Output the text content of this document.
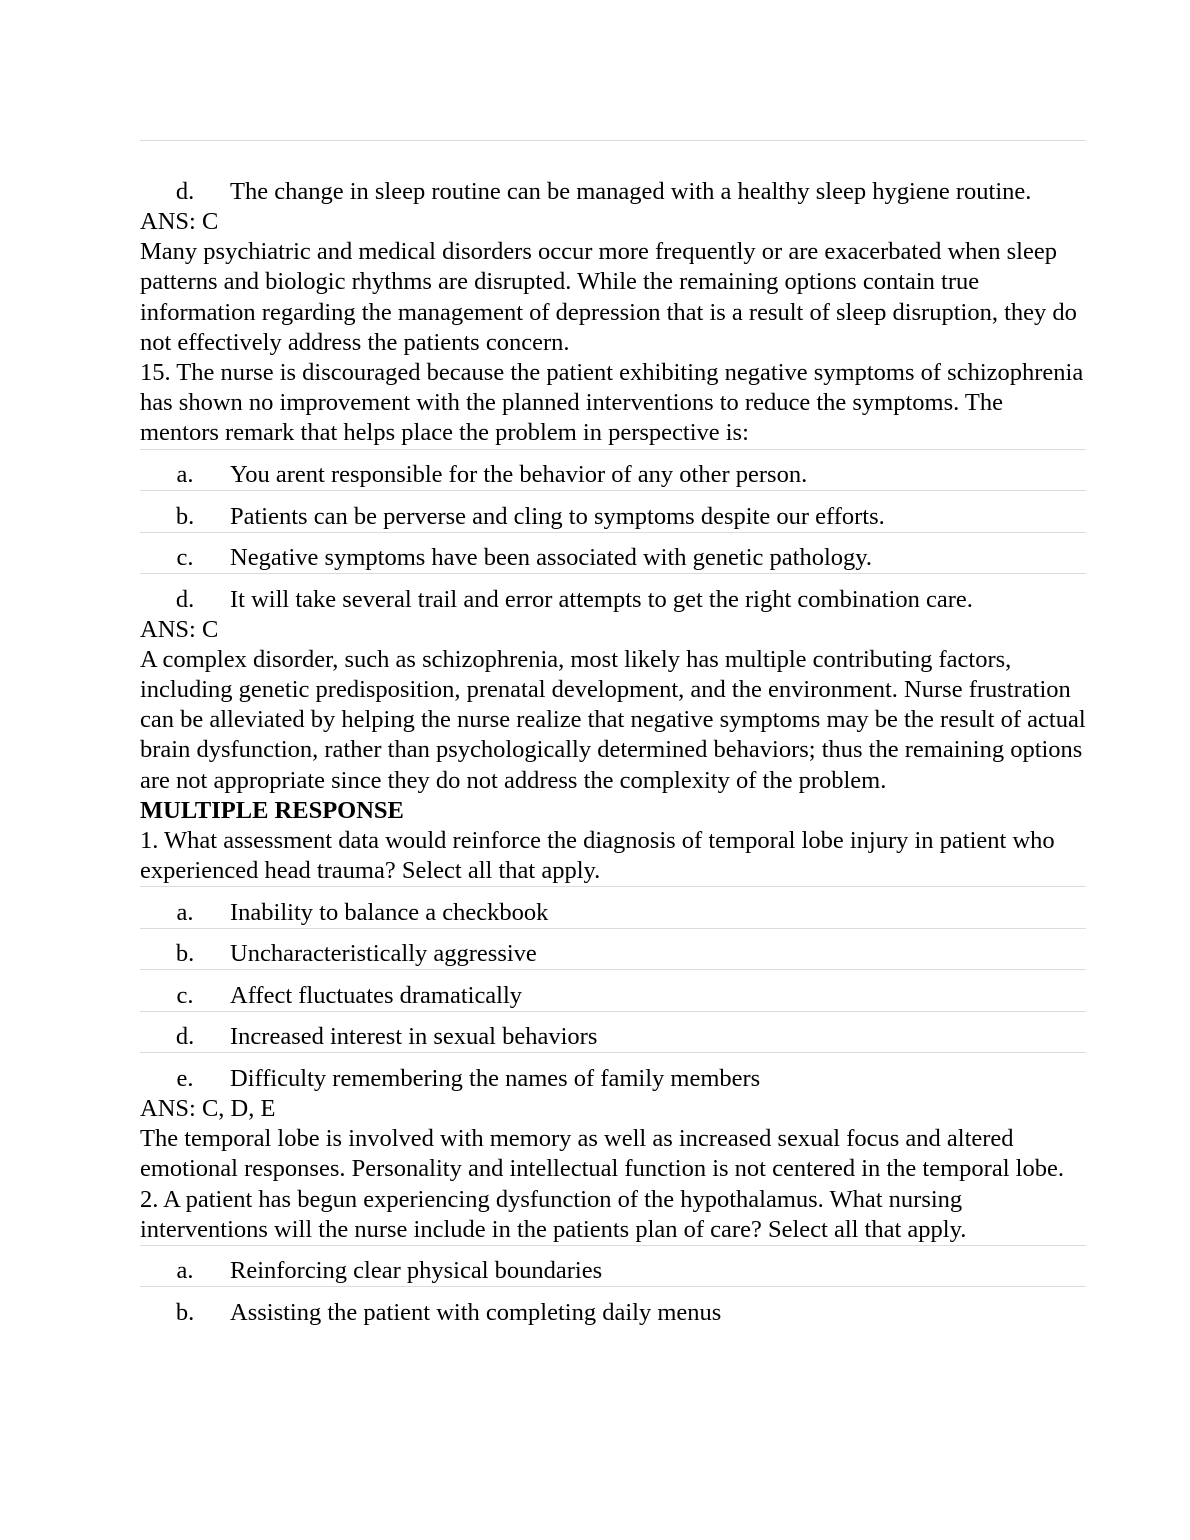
d.	The change in sleep routine can be managed with a healthy sleep hygiene routine.

ANS: C

Many psychiatric and medical disorders occur more frequently or are exacerbated when sleep patterns and biologic rhythms are disrupted. While the remaining options contain true information regarding the management of depression that is a result of sleep disruption, they do not effectively address the patients concern.

15. The nurse is discouraged because the patient exhibiting negative symptoms of schizophrenia has shown no improvement with the planned interventions to reduce the symptoms. The mentors remark that helps place the problem in perspective is:

a.	You arent responsible for the behavior of any other person.
b.	Patients can be perverse and cling to symptoms despite our efforts.
c.	Negative symptoms have been associated with genetic pathology.
d.	It will take several trail and error attempts to get the right combination care.

ANS: C

A complex disorder, such as schizophrenia, most likely has multiple contributing factors, including genetic predisposition, prenatal development, and the environment. Nurse frustration can be alleviated by helping the nurse realize that negative symptoms may be the result of actual brain dysfunction, rather than psychologically determined behaviors; thus the remaining options are not appropriate since they do not address the complexity of the problem.

MULTIPLE RESPONSE

1. What assessment data would reinforce the diagnosis of temporal lobe injury in patient who experienced head trauma? Select all that apply.

a.	Inability to balance a checkbook
b.	Uncharacteristically aggressive
c.	Affect fluctuates dramatically
d.	Increased interest in sexual behaviors
e.	Difficulty remembering the names of family members

ANS: C, D, E

The temporal lobe is involved with memory as well as increased sexual focus and altered emotional responses. Personality and intellectual function is not centered in the temporal lobe.

2. A patient has begun experiencing dysfunction of the hypothalamus. What nursing interventions will the nurse include in the patients plan of care? Select all that apply.

a.	Reinforcing clear physical boundaries
b.	Assisting the patient with completing daily menus
